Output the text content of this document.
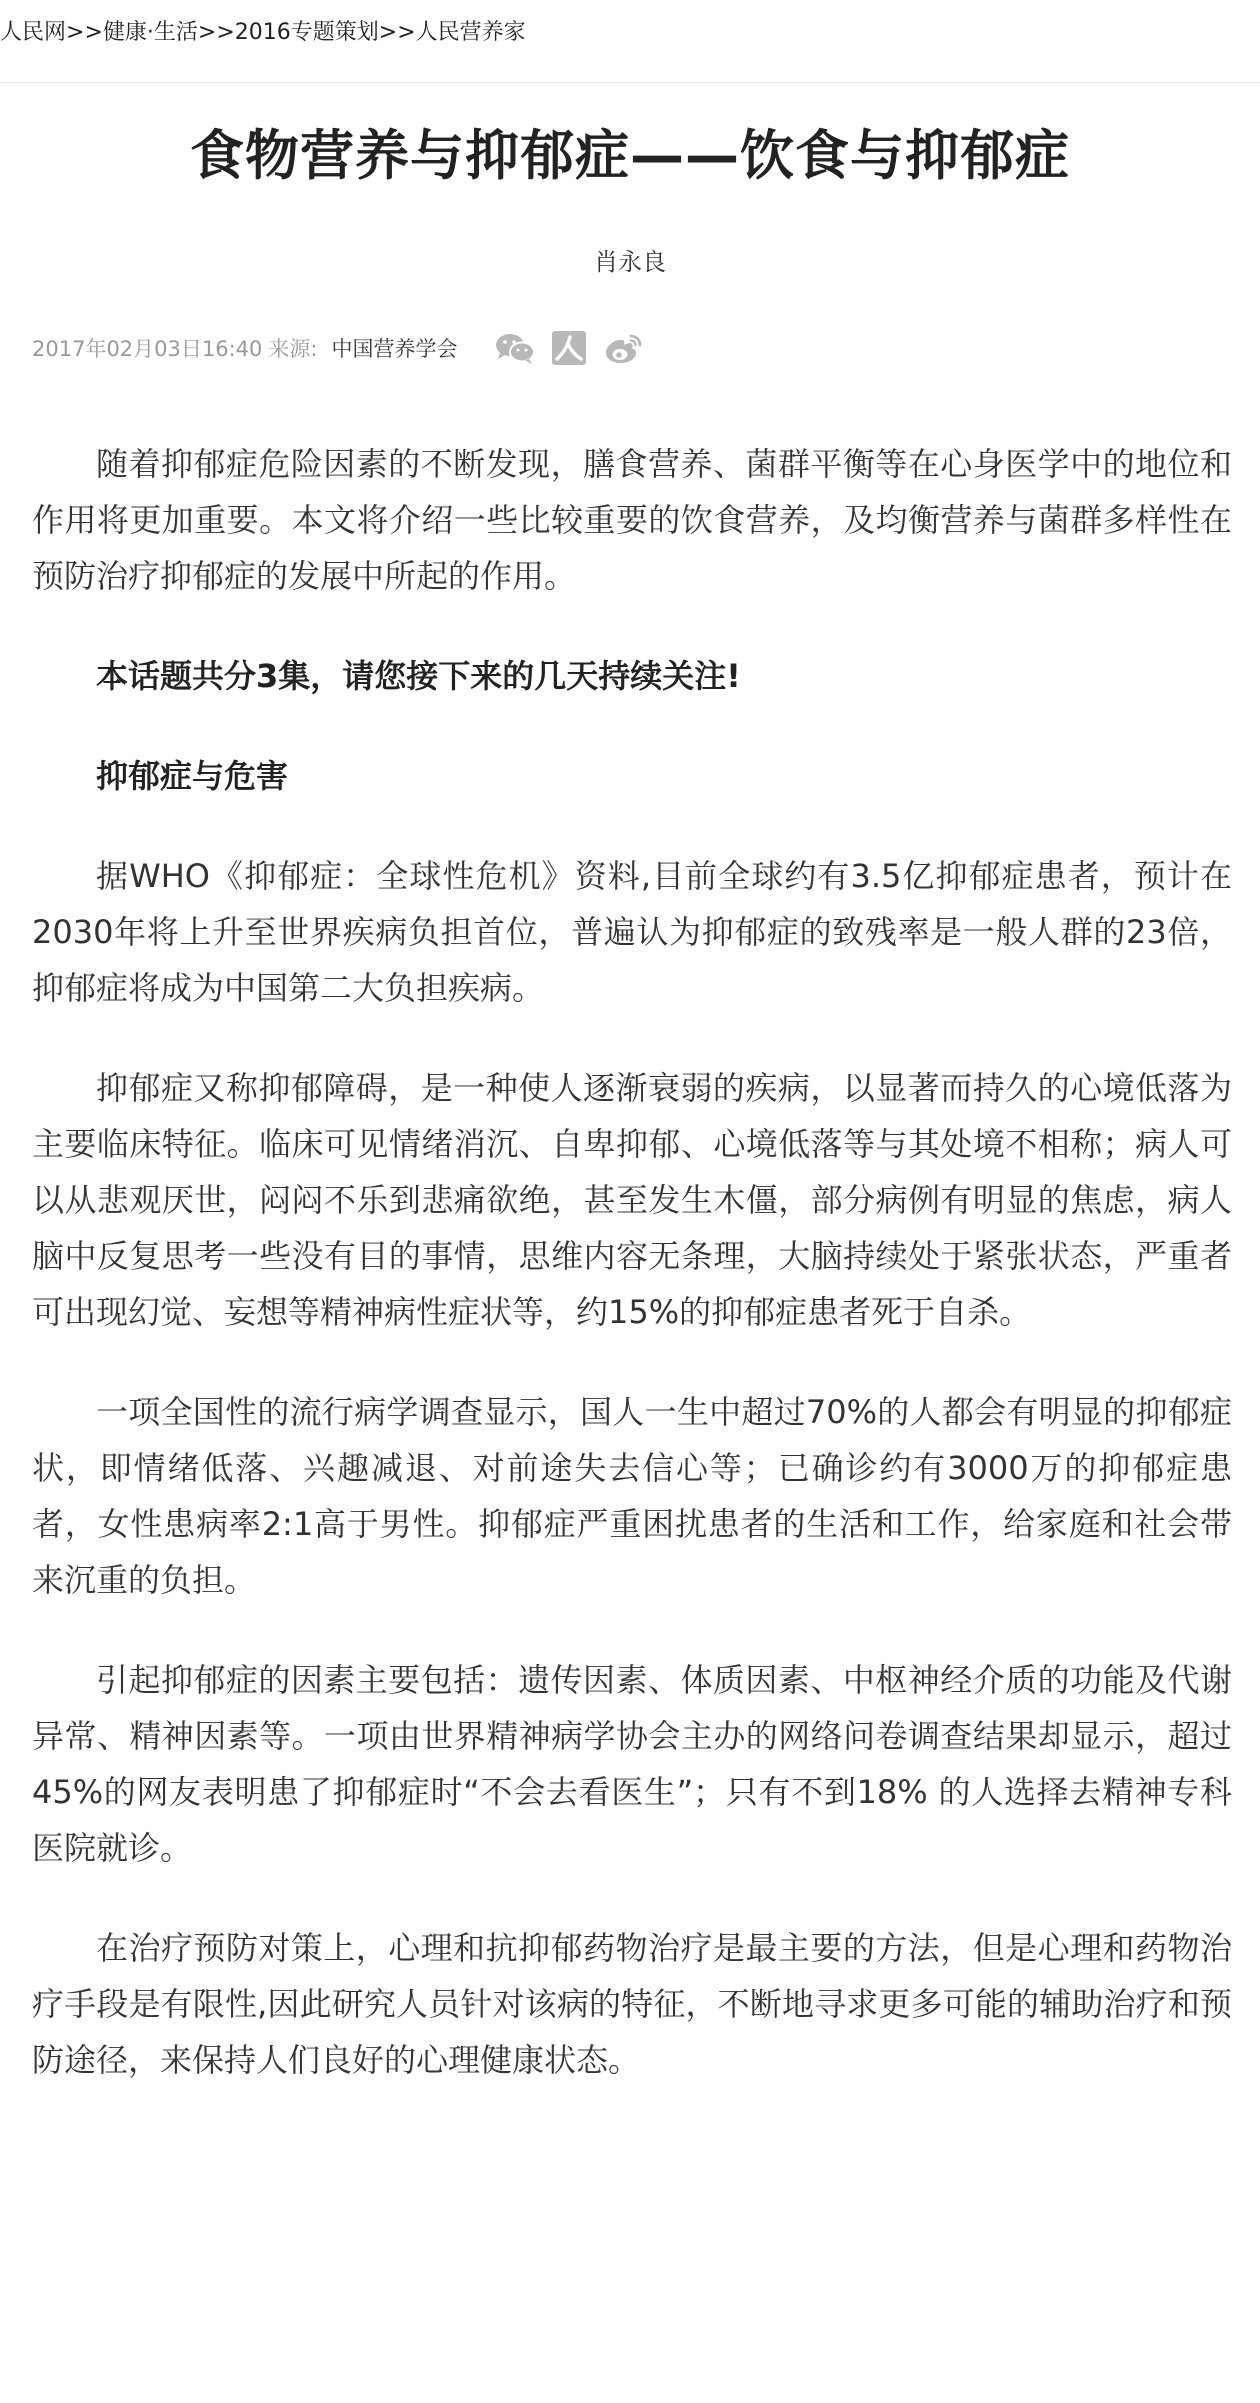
人民网>>健康·生活>>2016专题策划>>人民营养家
食物营养与抑郁症——饮食与抑郁症
肖永良
2017年02月03日16:40 来源: 中国营养学会

随着抑郁症危险因素的不断发现，膳食营养、菌群平衡等在心身医学中的地位和作用将更加重要。本文将介绍一些比较重要的饮食营养，及均衡营养与菌群多样性在预防治疗抑郁症的发展中所起的作用。

本话题共分3集，请您接下来的几天持续关注!

抑郁症与危害

据WHO《抑郁症：全球性危机》资料,目前全球约有3.5亿抑郁症患者，预计在2030年将上升至世界疾病负担首位，普遍认为抑郁症的致残率是一般人群的23倍，抑郁症将成为中国第二大负担疾病。

抑郁症又称抑郁障碍，是一种使人逐渐衰弱的疾病，以显著而持久的心境低落为主要临床特征。临床可见情绪消沉、自卑抑郁、心境低落等与其处境不相称；病人可以从悲观厌世，闷闷不乐到悲痛欲绝，甚至发生木僵，部分病例有明显的焦虑，病人脑中反复思考一些没有目的事情，思维内容无条理，大脑持续处于紧张状态，严重者可出现幻觉、妄想等精神病性症状等，约15%的抑郁症患者死于自杀。

一项全国性的流行病学调查显示，国人一生中超过70%的人都会有明显的抑郁症状，即情绪低落、兴趣减退、对前途失去信心等；已确诊约有3000万的抑郁症患者，女性患病率2:1高于男性。抑郁症严重困扰患者的生活和工作，给家庭和社会带来沉重的负担。

引起抑郁症的因素主要包括：遗传因素、体质因素、中枢神经介质的功能及代谢异常、精神因素等。一项由世界精神病学协会主办的网络问卷调查结果却显示，超过45%的网友表明患了抑郁症时“不会去看医生”；只有不到18% 的人选择去精神专科医院就诊。

在治疗预防对策上，心理和抗抑郁药物治疗是最主要的方法，但是心理和药物治疗手段是有限性,因此研究人员针对该病的特征，不断地寻求更多可能的辅助治疗和预防途径，来保持人们良好的心理健康状态。
